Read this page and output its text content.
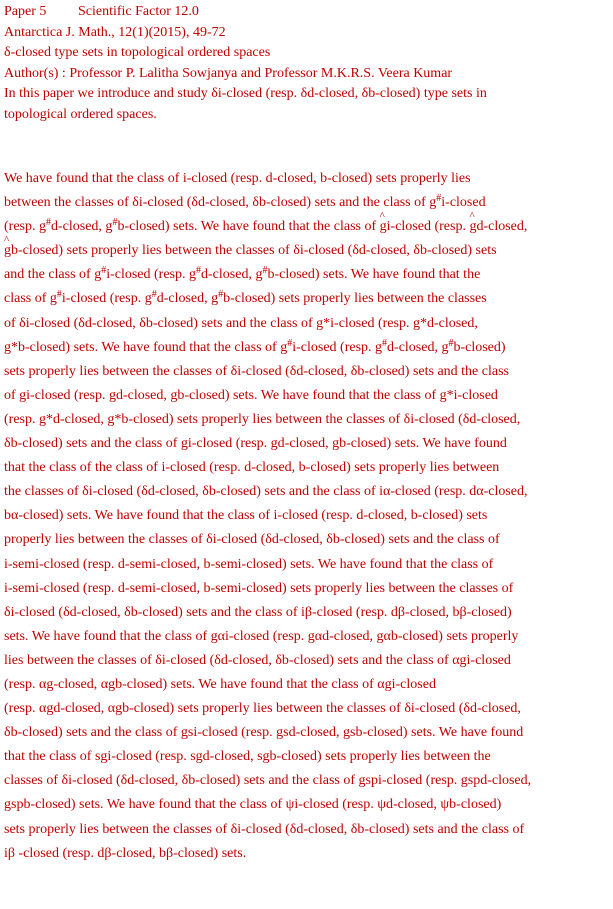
Paper 5 Scientific Factor 12.0
Antarctica J. Math., 12(1)(2015), 49-72
δ-closed type sets in topological ordered spaces
Author(s) : Professor P. Lalitha Sowjanya and Professor M.K.R.S. Veera Kumar
In this paper we introduce and study δi-closed (resp. δd-closed, δb-closed) type sets in
topological ordered spaces.
We have found that the class of i-closed (resp. d-closed, b-closed) sets properly lies
between the classes of δi-closed (δd-closed, δb-closed) sets and the class of g#i-closed
(resp. g#d-closed, g#b-closed) sets. We have found that the class of ^ gi-closed (resp. ^ gd-closed,
^ gb-closed) sets properly lies between the classes of δi-closed (δd-closed, δb-closed) sets
and the class of g#i-closed (resp. g#d-closed, g#b-closed) sets. We have found that the
class of g#i-closed (resp. g#d-closed, g#b-closed) sets properly lies between the classes
of δi-closed (δd-closed, δb-closed) sets and the class of g*i-closed (resp. g*d-closed,
g*b-closed) sets. We have found that the class of g#i-closed (resp. g#d-closed, g#b-closed)
sets properly lies between the classes of δi-closed (δd-closed, δb-closed) sets and the class
of gi-closed (resp. gd-closed, gb-closed) sets. We have found that the class of g*i-closed
(resp. g*d-closed, g*b-closed) sets properly lies between the classes of δi-closed (δd-closed,
δb-closed) sets and the class of gi-closed (resp. gd-closed, gb-closed) sets. We have found
that the class of the class of i-closed (resp. d-closed, b-closed) sets properly lies between
the classes of δi-closed (δd-closed, δb-closed) sets and the class of iα-closed (resp. dα-closed,
bα-closed) sets. We have found that the class of i-closed (resp. d-closed, b-closed) sets
properly lies between the classes of δi-closed (δd-closed, δb-closed) sets and the class of
i-semi-closed (resp. d-semi-closed, b-semi-closed) sets. We have found that the class of
i-semi-closed (resp. d-semi-closed, b-semi-closed) sets properly lies between the classes of
δi-closed (δd-closed, δb-closed) sets and the class of iβ-closed (resp. dβ-closed, bβ-closed)
sets. We have found that the class of gαi-closed (resp. gαd-closed, gαb-closed) sets properly
lies between the classes of δi-closed (δd-closed, δb-closed) sets and the class of αgi-closed
(resp. αg-closed, αgb-closed) sets. We have found that the class of αgi-closed
(resp. αgd-closed, αgb-closed) sets properly lies between the classes of δi-closed (δd-closed,
δb-closed) sets and the class of gsi-closed (resp. gsd-closed, gsb-closed) sets. We have found
that the class of sgi-closed (resp. sgd-closed, sgb-closed) sets properly lies between the
classes of δi-closed (δd-closed, δb-closed) sets and the class of gspi-closed (resp. gspd-closed,
gspb-closed) sets. We have found that the class of ψi-closed (resp. ψd-closed, ψb-closed)
sets properly lies between the classes of δi-closed (δd-closed, δb-closed) sets and the class of
iβ -closed (resp. dβ-closed, bβ-closed) sets.
